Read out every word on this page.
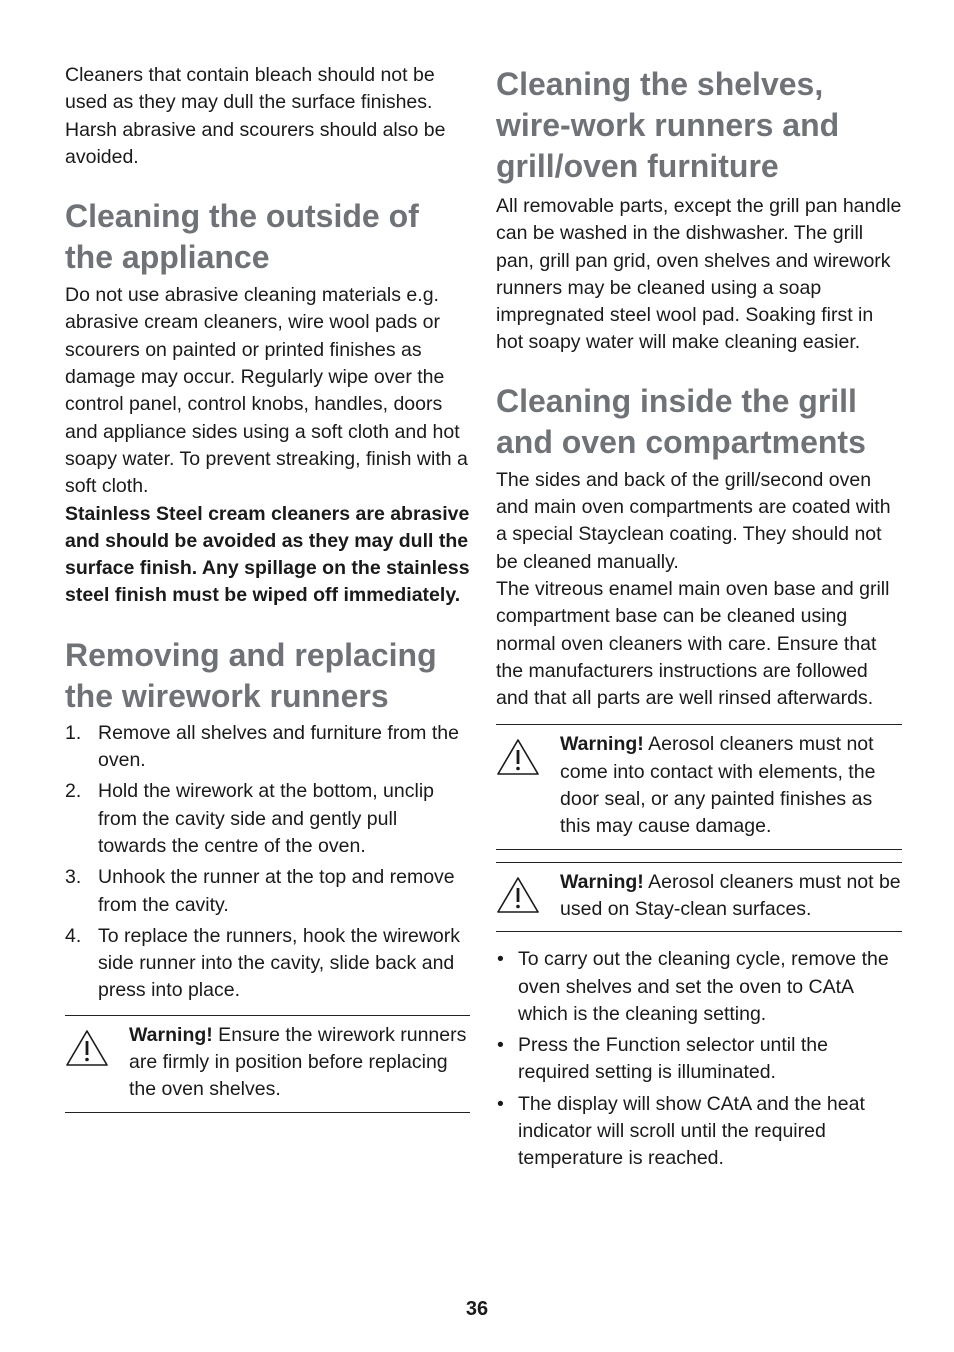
Cleaners that contain bleach should not be used as they may dull the surface finishes. Harsh abrasive and scourers should also be avoided.

Cleaning the outside of the appliance

Do not use abrasive cleaning materials e.g. abrasive cream cleaners, wire wool pads or scourers on painted or printed finishes as damage may occur. Regularly wipe over the control panel, control knobs, handles, doors and appliance sides using a soft cloth and hot soapy water. To prevent streaking, finish with a soft cloth.

Stainless Steel cream cleaners are abrasive and should be avoided as they may dull the surface finish. Any spillage on the stainless steel finish must be wiped off immediately.

Removing and replacing the wirework runners
1. Remove all shelves and furniture from the oven.
2. Hold the wirework at the bottom, unclip from the cavity side and gently pull towards the centre of the oven.
3. Unhook the runner at the top and remove from the cavity.
4. To replace the runners, hook the wirework side runner into the cavity, slide back and press into place.
Warning! Ensure the wirework runners are firmly in position before replacing the oven shelves.
Cleaning the shelves, wire-work runners and grill/oven furniture

All removable parts, except the grill pan handle can be washed in the dishwasher. The grill pan, grill pan grid, oven shelves and wirework runners may be cleaned using a soap impregnated steel wool pad. Soaking first in hot soapy water will make cleaning easier.

Cleaning inside the grill and oven compartments

The sides and back of the grill/second oven and main oven compartments are coated with a special Stayclean coating. They should not be cleaned manually.

The vitreous enamel main oven base and grill compartment base can be cleaned using normal oven cleaners with care. Ensure that the manufacturers instructions are followed and that all parts are well rinsed afterwards.

Warning! Aerosol cleaners must not come into contact with elements, the door seal, or any painted finishes as this may cause damage.
Warning! Aerosol cleaners must not be used on Stay-clean surfaces.
• To carry out the cleaning cycle, remove the oven shelves and set the oven to CAtA which is the cleaning setting.
• Press the Function selector until the required setting is illuminated.
• The display will show CAtA and the heat indicator will scroll until the required temperature is reached.
36
